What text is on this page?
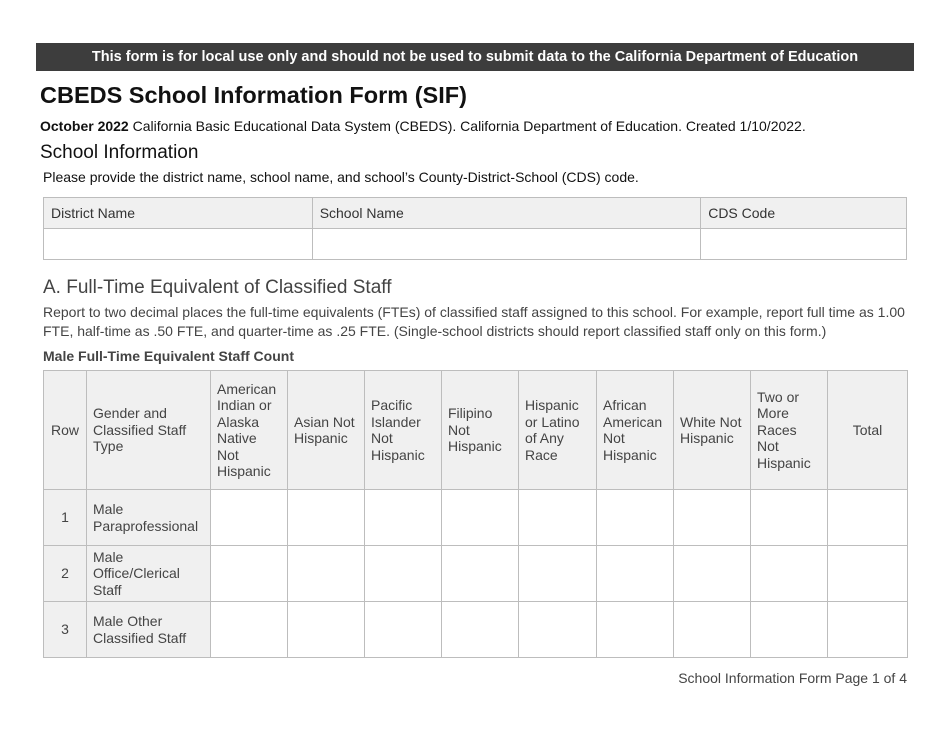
This form is for local use only and should not be used to submit data to the California Department of Education
CBEDS School Information Form (SIF)
October 2022 California Basic Educational Data System (CBEDS). California Department of Education. Created 1/10/2022.
School Information
Please provide the district name, school name, and school’s County-District-School (CDS) code.
District Name	School Name	CDS Code

A. Full-Time Equivalent of Classified Staff
Report to two decimal places the full-time equivalents (FTEs) of classified staff assigned to this school. For example, report full time as 1.00 FTE, half-time as .50 FTE, and quarter-time as .25 FTE. (Single-school districts should report classified staff only on this form.)
Male Full-Time Equivalent Staff Count
Row	Gender and Classified Staff Type	American Indian or Alaska Native Not Hispanic	Asian Not Hispanic	Pacific Islander Not Hispanic	Filipino Not Hispanic	Hispanic or Latino of Any Race	African American Not Hispanic	White Not Hispanic	Two or More Races Not Hispanic	Total
1	Male Paraprofessional									
2	Male Office/Clerical Staff									
3	Male Other Classified Staff									
School Information Form Page 1 of 4
